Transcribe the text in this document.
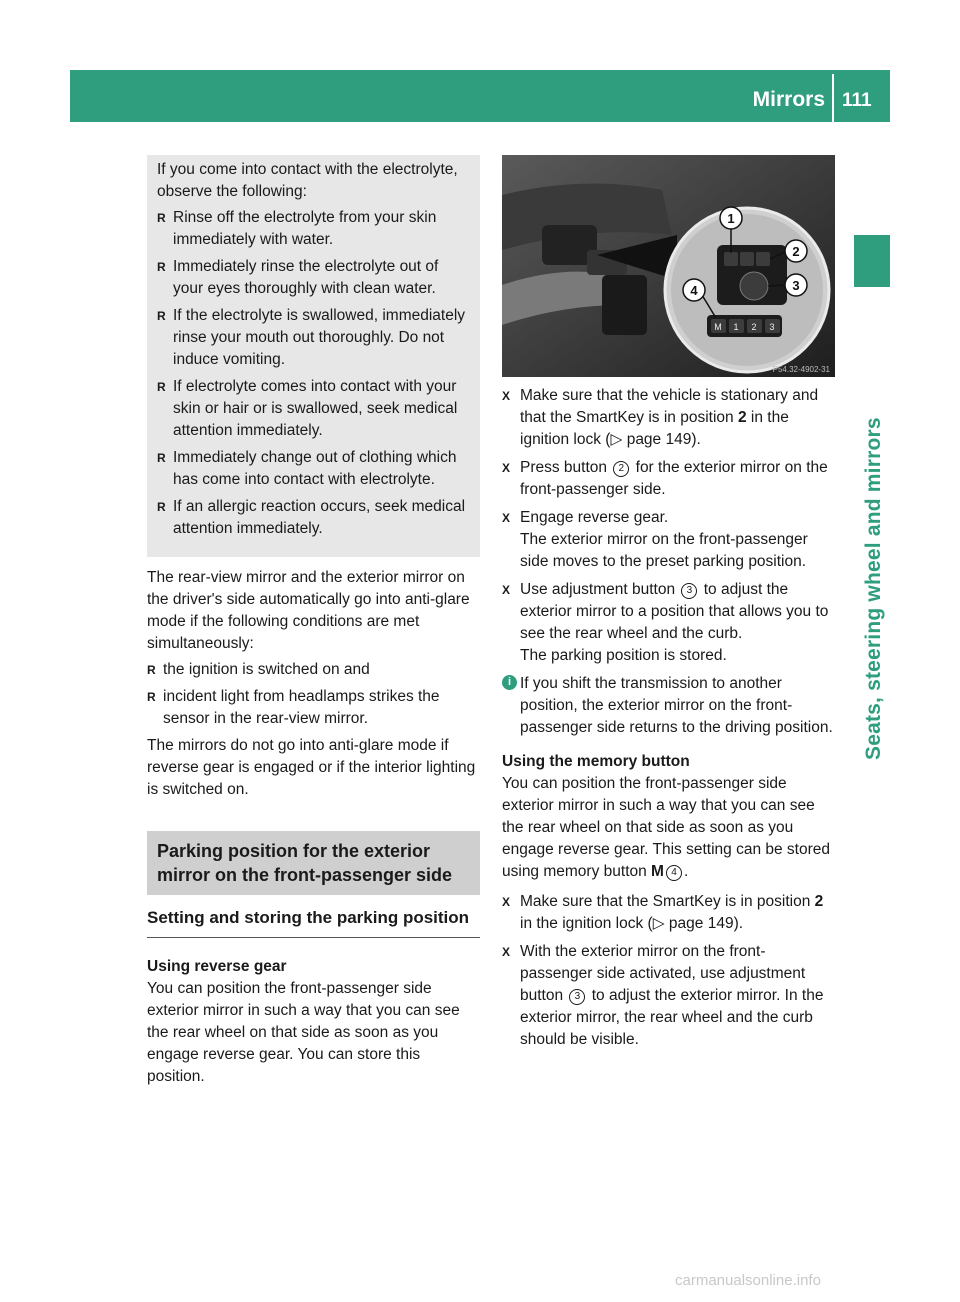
Mirrors 111
Seats, steering wheel and mirrors

If you come into contact with the electrolyte, observe the following:

R Rinse off the electrolyte from your skin immediately with water.
R Immediately rinse the electrolyte out of your eyes thoroughly with clean water.
R If the electrolyte is swallowed, immediately rinse your mouth out thoroughly. Do not induce vomiting.
R If electrolyte comes into contact with your skin or hair or is swallowed, seek medical attention immediately.
R Immediately change out of clothing which has come into contact with electrolyte.
R If an allergic reaction occurs, seek medical attention immediately.

The rear-view mirror and the exterior mirror on the driver's side automatically go into anti-glare mode if the following conditions are met simultaneously:

R the ignition is switched on and
R incident light from headlamps strikes the sensor in the rear-view mirror.

The mirrors do not go into anti-glare mode if reverse gear is engaged or if the interior lighting is switched on.

Parking position for the exterior mirror on the front-passenger side
Setting and storing the parking position

Using reverse gear

You can position the front-passenger side exterior mirror in such a way that you can see the rear wheel on that side as soon as you engage reverse gear. You can store this position.

1
2
3
4
M 1 2 3
P54.32-4902-31
X Make sure that the vehicle is stationary and that the SmartKey is in position 2 in the ignition lock (▷ page 149).
X Press button 2 for the exterior mirror on the front-passenger side.
X Engage reverse gear.
The exterior mirror on the front-passenger side moves to the preset parking position.
X Use adjustment button 3 to adjust the exterior mirror to a position that allows you to see the rear wheel and the curb.
The parking position is stored.
i If you shift the transmission to another position, the exterior mirror on the front-passenger side returns to the driving position.

Using the memory button

You can position the front-passenger side exterior mirror in such a way that you can see the rear wheel on that side as soon as you engage reverse gear. This setting can be stored using memory button M 4 .

X Make sure that the SmartKey is in position 2 in the ignition lock (▷ page 149).
X With the exterior mirror on the front-passenger side activated, use adjustment button 3 to adjust the exterior mirror. In the exterior mirror, the rear wheel and the curb should be visible.
carmanualsonline.info
